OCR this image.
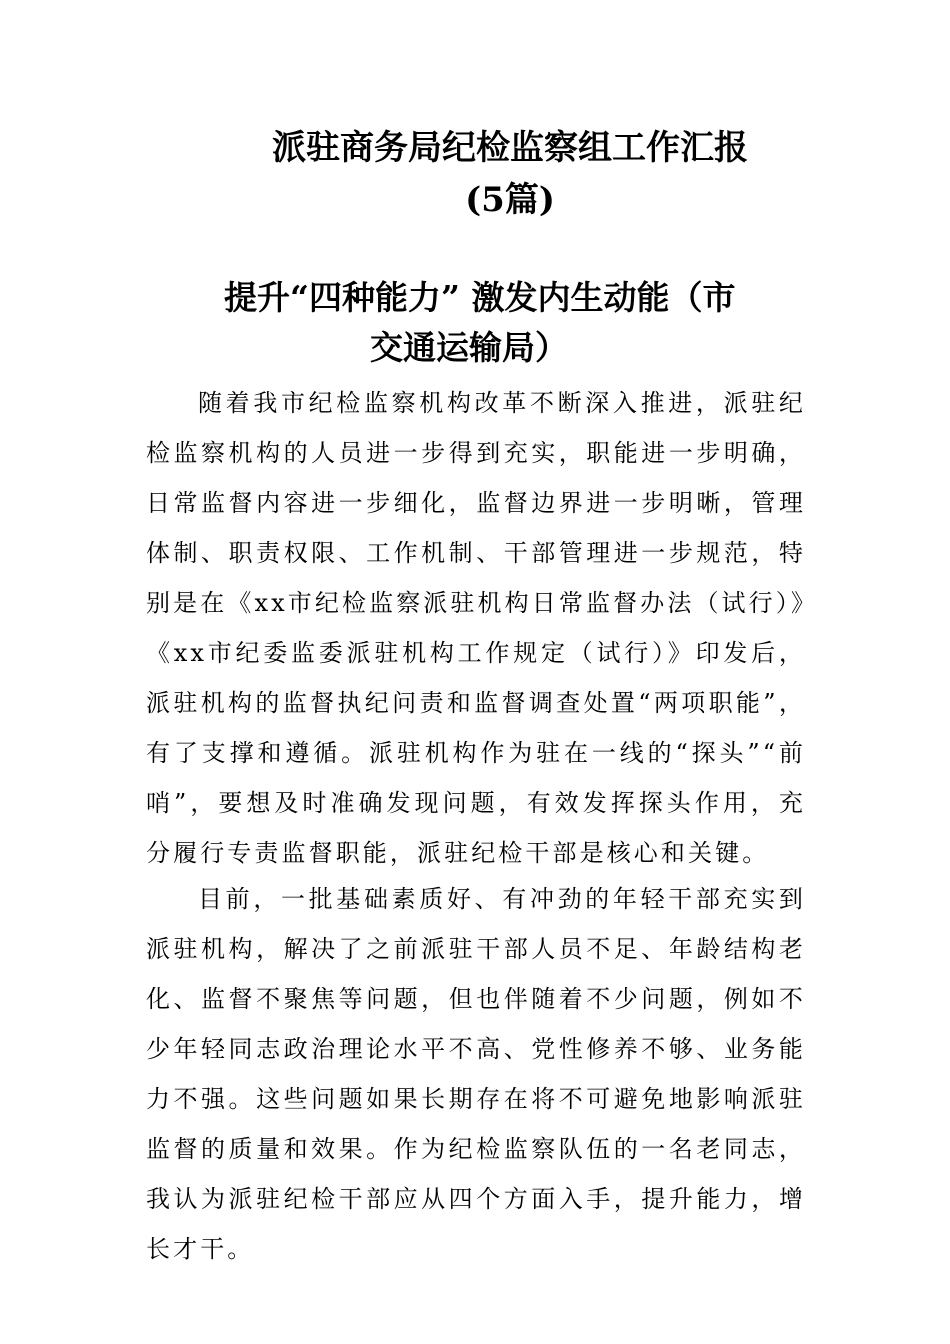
派驻商务局纪检监察组工作汇报
(5篇)
提升“四种能力” 激发内生动能（市
交通运输局）

随着我市纪检监察机构改革不断深入推进，派驻纪检监察机构的人员进一步得到充实，职能进一步明确，日常监督内容进一步细化，监督边界进一步明晰，管理体制、职责权限、工作机制、干部管理进一步规范，特别是在《xx市纪检监察派驻机构日常监督办法（试行）》《xx市纪委监委派驻机构工作规定（试行）》印发后，派驻机构的监督执纪问责和监督调查处置“两项职能”，有了支撑和遵循。派驻机构作为驻在一线的“探头”“前哨”，要想及时准确发现问题，有效发挥探头作用，充分履行专责监督职能，派驻纪检干部是核心和关键。

目前，一批基础素质好、有冲劲的年轻干部充实到派驻机构，解决了之前派驻干部人员不足、年龄结构老化、监督不聚焦等问题，但也伴随着不少问题，例如不少年轻同志政治理论水平不高、党性修养不够、业务能力不强。这些问题如果长期存在将不可避免地影响派驻监督的质量和效果。作为纪检监察队伍的一名老同志，我认为派驻纪检干部应从四个方面入手，提升能力，增长才干。
